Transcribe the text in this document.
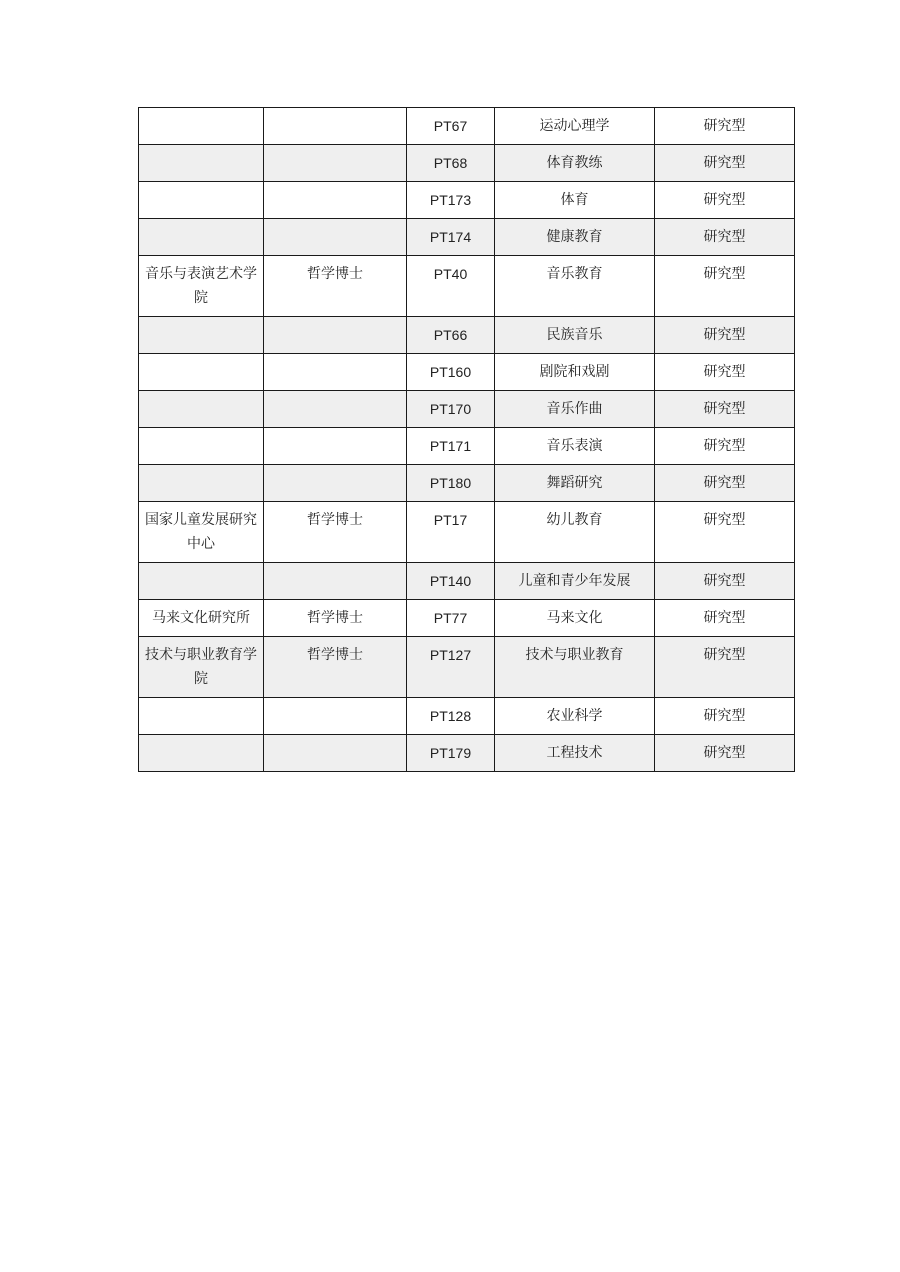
		PT67	运动心理学	研究型
		PT68	体育教练	研究型
		PT173	体育	研究型
		PT174	健康教育	研究型
音乐与表演艺术学院	哲学博士	PT40	音乐教育	研究型
		PT66	民族音乐	研究型
		PT160	剧院和戏剧	研究型
		PT170	音乐作曲	研究型
		PT171	音乐表演	研究型
		PT180	舞蹈研究	研究型
国家儿童发展研究中心	哲学博士	PT17	幼儿教育	研究型
		PT140	儿童和青少年发展	研究型
马来文化研究所	哲学博士	PT77	马来文化	研究型
技术与职业教育学院	哲学博士	PT127	技术与职业教育	研究型
		PT128	农业科学	研究型
		PT179	工程技术	研究型
